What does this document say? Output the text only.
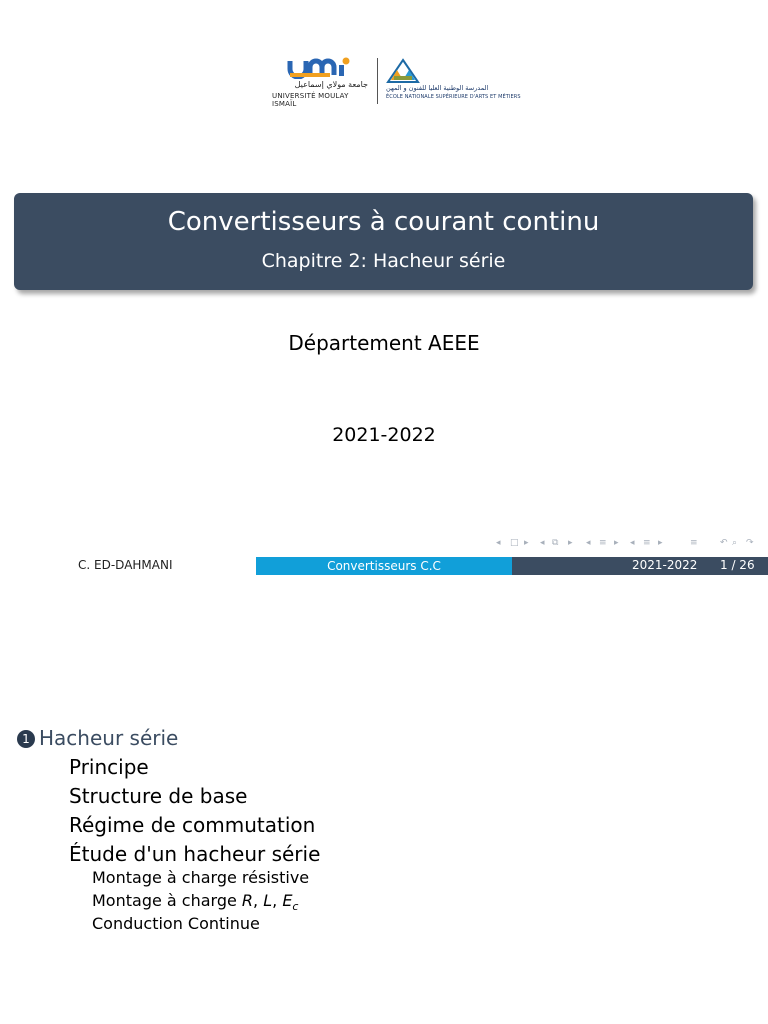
جامعة مولاي إسماعيل
UNIVERSITÉ MOULAY ISMAÏL
المدرسة الوطنية العليا للفنون و المهن
ÉCOLE NATIONALE SUPÉRIEURE D'ARTS ET MÉTIERS
Convertisseurs à courant continu
Chapitre 2: Hacheur série
Département AEEE
2021-2022
◂ □ ▸ ◂ ⧉ ▸ ◂ ≡ ▸ ◂ ≡ ▸	≡ ↶ ⌕ ↷
C. ED-DAHMANI	Convertisseurs C.C	2021-2022 1 / 26
1 Hacheur série
Principe
Structure de base
Régime de commutation
Étude d'un hacheur série
Montage à charge résistive
Montage à charge R, L, $E_c$
Conduction Continue
